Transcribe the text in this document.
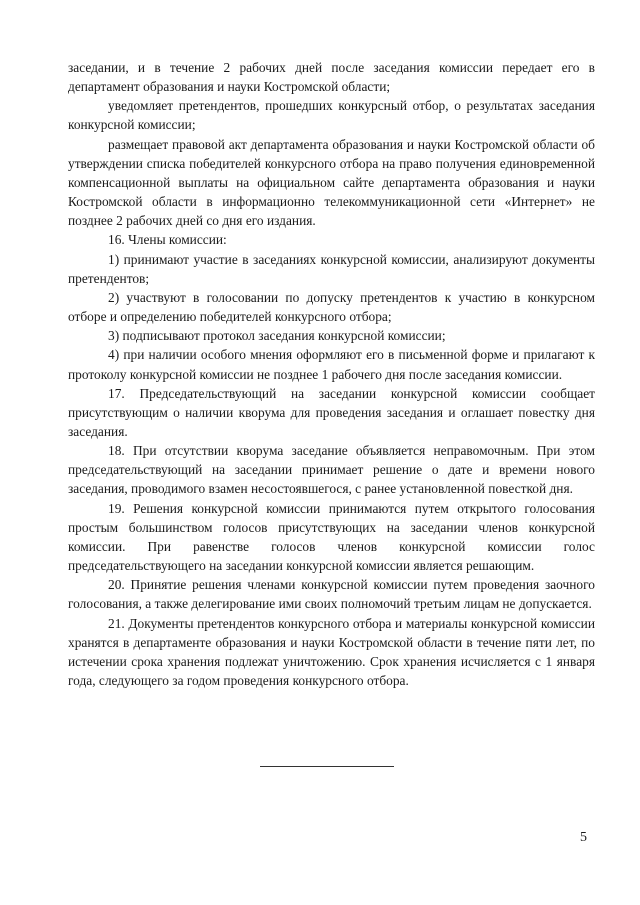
заседании, и в течение 2 рабочих дней после заседания комиссии передает его в департамент образования и науки Костромской области;

уведомляет претендентов, прошедших конкурсный отбор, о результатах заседания конкурсной комиссии;

размещает правовой акт департамента образования и науки Костромской области об утверждении списка победителей конкурсного отбора на право получения единовременной компенсационной выплаты на официальном сайте департамента образования и науки Костромской области в информационно телекоммуникационной сети «Интернет» не позднее 2 рабочих дней со дня его издания.

16. Члены комиссии:

1) принимают участие в заседаниях конкурсной комиссии, анализируют документы претендентов;

2) участвуют в голосовании по допуску претендентов к участию в конкурсном отборе и определению победителей конкурсного отбора;

3) подписывают протокол заседания конкурсной комиссии;

4) при наличии особого мнения оформляют его в письменной форме и прилагают к протоколу конкурсной комиссии не позднее 1 рабочего дня после заседания комиссии.

17. Председательствующий на заседании конкурсной комиссии сообщает присутствующим о наличии кворума для проведения заседания и оглашает повестку дня заседания.

18. При отсутствии кворума заседание объявляется неправомочным. При этом председательствующий на заседании принимает решение о дате и времени нового заседания, проводимого взамен несостоявшегося, с ранее установленной повесткой дня.

19. Решения конкурсной комиссии принимаются путем открытого голосования простым большинством голосов присутствующих на заседании членов конкурсной комиссии. При равенстве голосов членов конкурсной комиссии голос председательствующего на заседании конкурсной комиссии является решающим.

20. Принятие решения членами конкурсной комиссии путем проведения заочного голосования, а также делегирование ими своих полномочий третьим лицам не допускается.

21. Документы претендентов конкурсного отбора и материалы конкурсной комиссии хранятся в департаменте образования и науки Костромской области в течение пяти лет, по истечении срока хранения подлежат уничтожению. Срок хранения исчисляется с 1 января года, следующего за годом проведения конкурсного отбора.

5
